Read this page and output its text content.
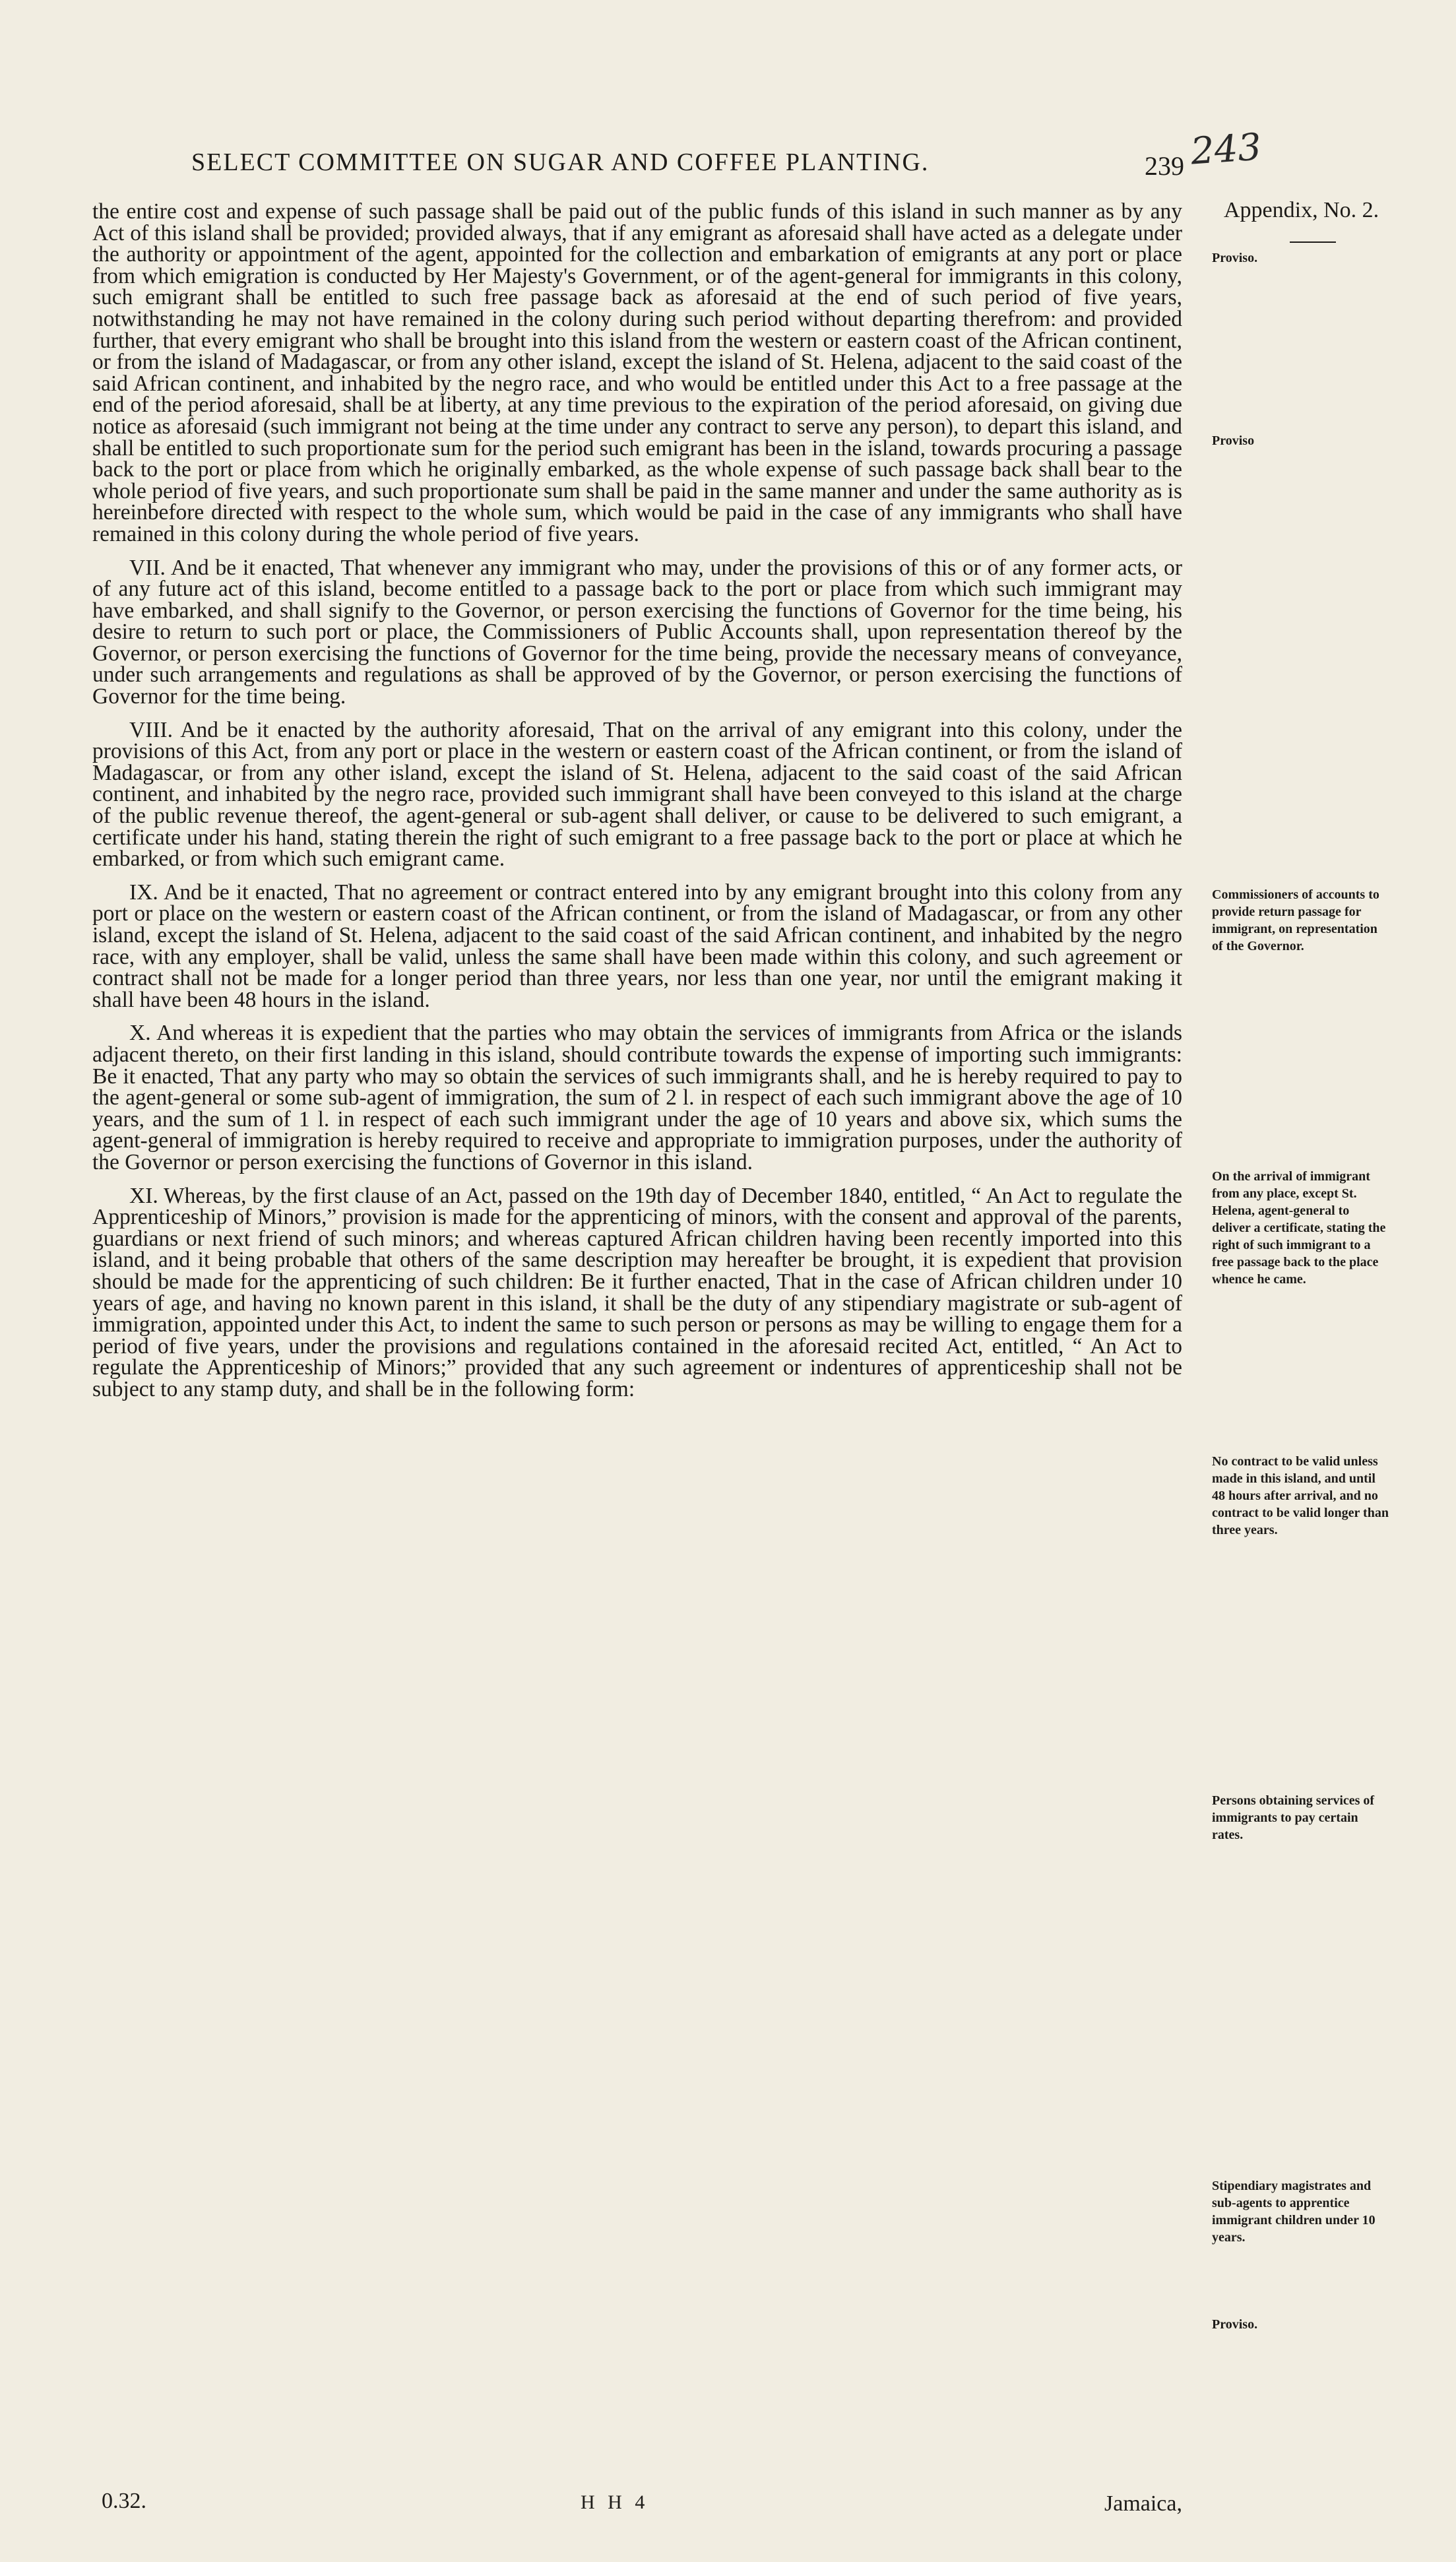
SELECT COMMITTEE ON SUGAR AND COFFEE PLANTING.	239 243
Appendix, No. 2.

the entire cost and expense of such passage shall be paid out of the public funds of this island in such manner as by any Act of this island shall be provided; provided always, that if any emigrant as aforesaid shall have acted as a delegate under the authority or appointment of the agent, appointed for the collection and embarkation of emigrants at any port or place from which emigration is conducted by Her Majesty's Government, or of the agent-general for immigrants in this colony, such emigrant shall be entitled to such free passage back as aforesaid at the end of such period of five years, notwithstanding he may not have remained in the colony during such period without departing therefrom: and provided further, that every emigrant who shall be brought into this island from the western or eastern coast of the African continent, or from the island of Madagascar, or from any other island, except the island of St. Helena, adjacent to the said coast of the said African continent, and inhabited by the negro race, and who would be entitled under this Act to a free passage at the end of the period aforesaid, shall be at liberty, at any time previous to the expiration of the period aforesaid, on giving due notice as aforesaid (such immigrant not being at the time under any contract to serve any person), to depart this island, and shall be entitled to such proportionate sum for the period such emigrant has been in the island, towards procuring a passage back to the port or place from which he originally embarked, as the whole expense of such passage back shall bear to the whole period of five years, and such proportionate sum shall be paid in the same manner and under the same authority as is hereinbefore directed with respect to the whole sum, which would be paid in the case of any immigrants who shall have remained in this colony during the whole period of five years.

VII. And be it enacted, That whenever any immigrant who may, under the provisions of this or of any former acts, or of any future act of this island, become entitled to a passage back to the port or place from which such immigrant may have embarked, and shall signify to the Governor, or person exercising the functions of Governor for the time being, his desire to return to such port or place, the Commissioners of Public Accounts shall, upon representation thereof by the Governor, or person exercising the functions of Governor for the time being, provide the necessary means of conveyance, under such arrangements and regulations as shall be approved of by the Governor, or person exercising the functions of Governor for the time being.

VIII. And be it enacted by the authority aforesaid, That on the arrival of any emigrant into this colony, under the provisions of this Act, from any port or place in the western or eastern coast of the African continent, or from the island of Madagascar, or from any other island, except the island of St. Helena, adjacent to the said coast of the said African continent, and inhabited by the negro race, provided such immigrant shall have been conveyed to this island at the charge of the public revenue thereof, the agent-general or sub-agent shall deliver, or cause to be delivered to such emigrant, a certificate under his hand, stating therein the right of such emigrant to a free passage back to the port or place at which he embarked, or from which such emigrant came.

IX. And be it enacted, That no agreement or contract entered into by any emigrant brought into this colony from any port or place on the western or eastern coast of the African continent, or from the island of Madagascar, or from any other island, except the island of St. Helena, adjacent to the said coast of the said African continent, and inhabited by the negro race, with any employer, shall be valid, unless the same shall have been made within this colony, and such agreement or contract shall not be made for a longer period than three years, nor less than one year, nor until the emigrant making it shall have been 48 hours in the island.

X. And whereas it is expedient that the parties who may obtain the services of immigrants from Africa or the islands adjacent thereto, on their first landing in this island, should contribute towards the expense of importing such immigrants: Be it enacted, That any party who may so obtain the services of such immigrants shall, and he is hereby required to pay to the agent-general or some sub-agent of immigration, the sum of 2 l. in respect of each such immigrant above the age of 10 years, and the sum of 1 l. in respect of each such immigrant under the age of 10 years and above six, which sums the agent-general of immigration is hereby required to receive and appropriate to immigration purposes, under the authority of the Governor or person exercising the functions of Governor in this island.

XI. Whereas, by the first clause of an Act, passed on the 19th day of December 1840, entitled, “ An Act to regulate the Apprenticeship of Minors,” provision is made for the apprenticing of minors, with the consent and approval of the parents, guardians or next friend of such minors; and whereas captured African children having been recently imported into this island, and it being probable that others of the same description may hereafter be brought, it is expedient that provision should be made for the apprenticing of such children: Be it further enacted, That in the case of African children under 10 years of age, and having no known parent in this island, it shall be the duty of any stipendiary magistrate or sub-agent of immigration, appointed under this Act, to indent the same to such person or persons as may be willing to engage them for a period of five years, under the provisions and regulations contained in the aforesaid recited Act, entitled, “ An Act to regulate the Apprenticeship of Minors;” provided that any such agreement or indentures of apprenticeship shall not be subject to any stamp duty, and shall be in the following form:

Proviso.
Proviso
Commissioners of accounts to provide return passage for immigrant, on representation of the Governor.
On the arrival of immigrant from any place, except St. Helena, agent-general to deliver a certificate, stating the right of such immigrant to a free passage back to the place whence he came.
No contract to be valid unless made in this island, and until 48 hours after arrival, and no contract to be valid longer than three years.
Persons obtaining services of immigrants to pay certain rates.
Stipendiary magistrates and sub-agents to apprentice immigrant children under 10 years.
Proviso.
0.32.	H H 4	Jamaica,
